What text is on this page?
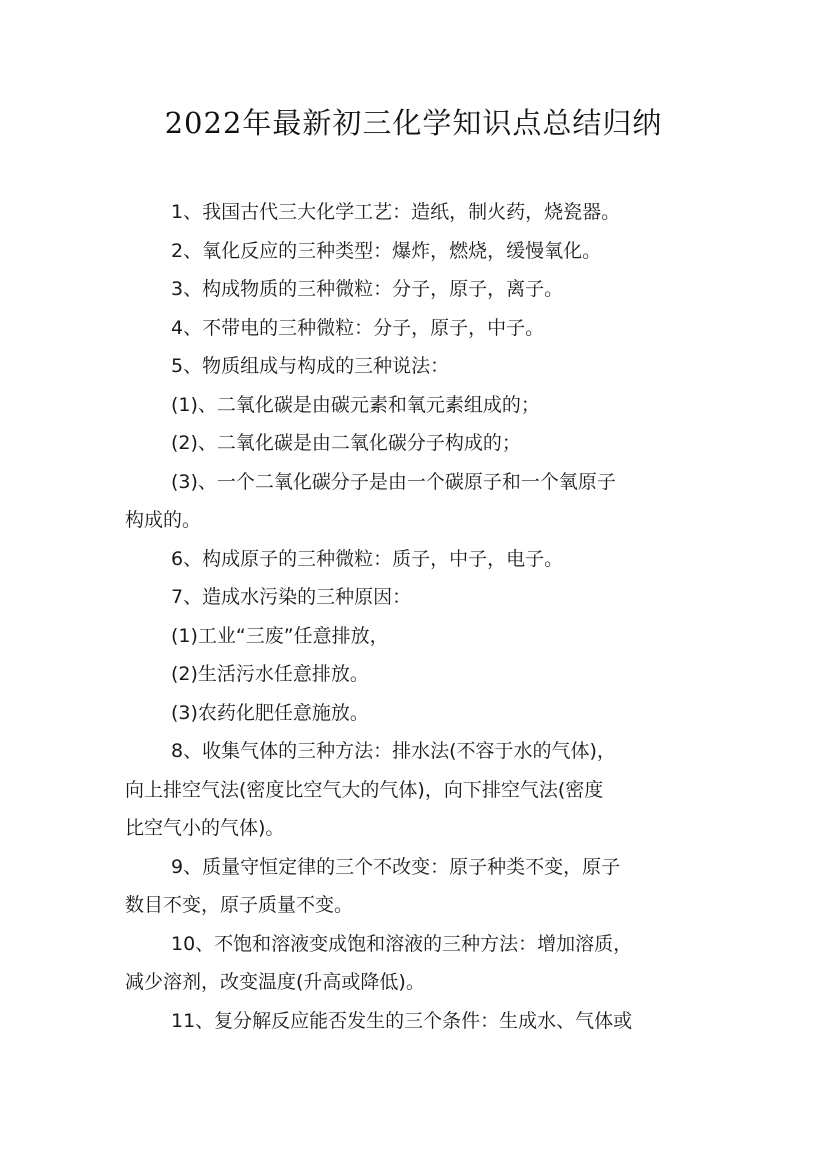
2022年最新初三化学知识点总结归纳
1、我国古代三大化学工艺：造纸，制火药，烧瓷器。
2、氧化反应的三种类型：爆炸，燃烧，缓慢氧化。
3、构成物质的三种微粒：分子，原子，离子。
4、不带电的三种微粒：分子，原子，中子。
5、物质组成与构成的三种说法：
(1)、二氧化碳是由碳元素和氧元素组成的；
(2)、二氧化碳是由二氧化碳分子构成的；
(3)、一个二氧化碳分子是由一个碳原子和一个氧原子
构成的。
6、构成原子的三种微粒：质子，中子，电子。
7、造成水污染的三种原因：
(1)工业“三废”任意排放，
(2)生活污水任意排放。
(3)农药化肥任意施放。
8、收集气体的三种方法：排水法(不容于水的气体)，
向上排空气法(密度比空气大的气体)，向下排空气法(密度
比空气小的气体)。
9、质量守恒定律的三个不改变：原子种类不变，原子
数目不变，原子质量不变。
10、不饱和溶液变成饱和溶液的三种方法：增加溶质，
减少溶剂，改变温度(升高或降低)。
11、复分解反应能否发生的三个条件：生成水、气体或
